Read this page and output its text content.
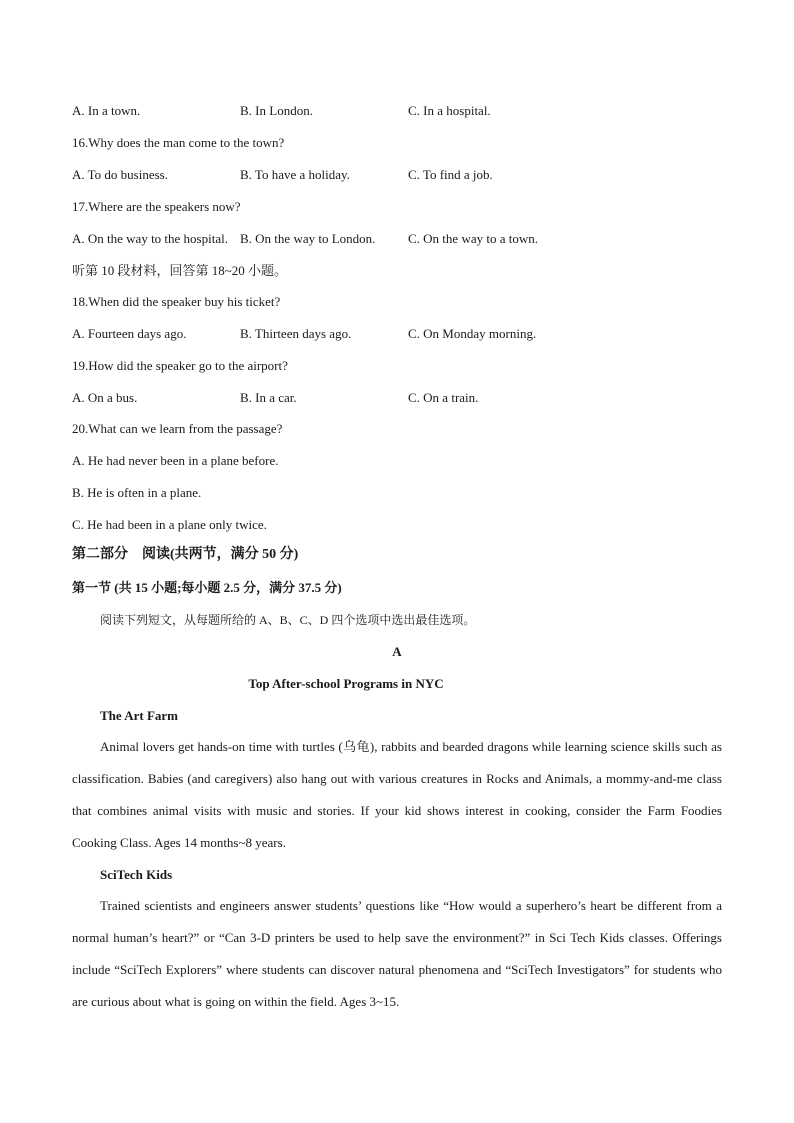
A. In a town.	B. In London.	C. In a hospital.
16.Why does the man come to the town?
A. To do business.	B. To have a holiday.	C. To find a job.
17.Where are the speakers now?
A. On the way to the hospital. B. On the way to London.	C. On the way to a town.
听第 10 段材料，回答第 18~20 小题。
18.When did the speaker buy his ticket?
A. Fourteen days ago.	B. Thirteen days ago.	C. On Monday morning.
19.How did the speaker go to the airport?
A. On a bus.	B. In a car.	C. On a train.
20.What can we learn from the passage?
A. He had never been in a plane before.
B. He is often in a plane.
C. He had been in a plane only twice.
第二部分　阅读(共两节，满分 50 分)
第一节 (共 15 小题;每小题 2.5 分，满分 37.5 分)
阅读下列短文，从每题所给的 A、B、C、D 四个选项中选出最佳选项。
A
Top After-school Programs in NYC
The Art Farm
Animal lovers get hands-on time with turtles (乌龟), rabbits and bearded dragons while learning science skills such as classification. Babies (and caregivers) also hang out with various creatures in Rocks and Animals, a mommy-and-me class that combines animal visits with music and stories. If your kid shows interest in cooking, consider the Farm Foodies Cooking Class. Ages 14 months~8 years.
SciTech Kids
Trained scientists and engineers answer students’ questions like “How would a superhero’s heart be different from a normal human’s heart?” or “Can 3-D printers be used to help save the environment?” in Sci Tech Kids classes. Offerings include “SciTech Explorers” where students can discover natural phenomena and “SciTech Investigators” for students who are curious about what is going on within the field. Ages 3~15.
